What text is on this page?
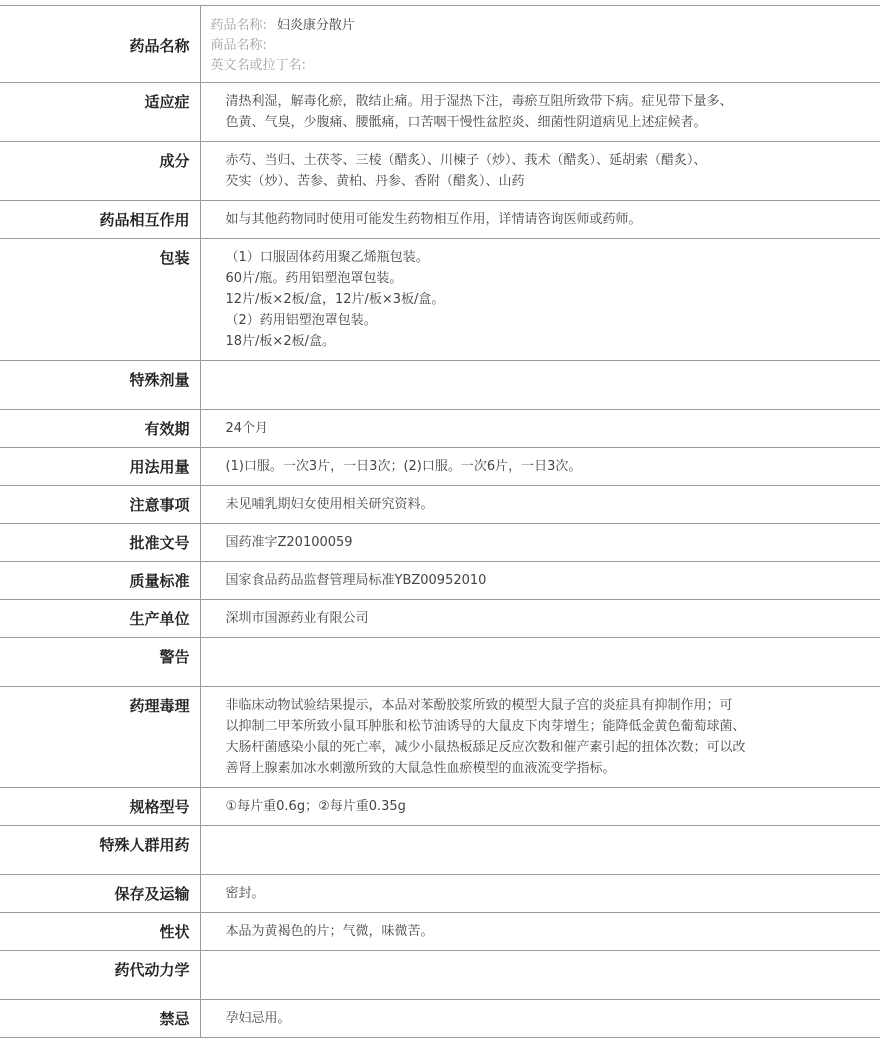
药品名称	药品名称: 妇炎康分散片
商品名称:
英文名或拉丁名:

适应症	清热利湿，解毒化瘀，散结止痛。用于湿热下注，毒瘀互阻所致带下病。症见带下量多、
色黄、气臭，少腹痛、腰骶痛，口苦咽干慢性盆腔炎、细菌性阴道病见上述症候者。

成分	赤芍、当归、土茯苓、三棱（醋炙）、川楝子（炒）、莪术（醋炙）、延胡索（醋炙）、
芡实（炒）、苦参、黄柏、丹参、香附（醋炙）、山药

药品相互作用	如与其他药物同时使用可能发生药物相互作用，详情请咨询医师或药师。

包装	（1）口服固体药用聚乙烯瓶包装。
60片/瓶。药用铝塑泡罩包装。
12片/板×2板/盒，12片/板×3板/盒。
（2）药用铝塑泡罩包装。
18片/板×2板/盒。

特殊剂量	

有效期	24个月

用法用量	(1)口服。一次3片，一日3次；(2)口服。一次6片，一日3次。

注意事项	未见哺乳期妇女使用相关研究资料。

批准文号	国药准字Z20100059

质量标准	国家食品药品监督管理局标准YBZ00952010

生产单位	深圳市国源药业有限公司

警告	

药理毒理	非临床动物试验结果提示，本品对苯酚胶浆所致的模型大鼠子宫的炎症具有抑制作用；可
以抑制二甲苯所致小鼠耳肿胀和松节油诱导的大鼠皮下肉芽增生；能降低金黄色葡萄球菌、
大肠杆菌感染小鼠的死亡率，减少小鼠热板舔足反应次数和催产素引起的扭体次数；可以改
善肾上腺素加冰水刺激所致的大鼠急性血瘀模型的血液流变学指标。

规格型号	①每片重0.6g；②每片重0.35g

特殊人群用药	

保存及运输	密封。

性状	本品为黄褐色的片；气微，味微苦。

药代动力学	

禁忌	孕妇忌用。
